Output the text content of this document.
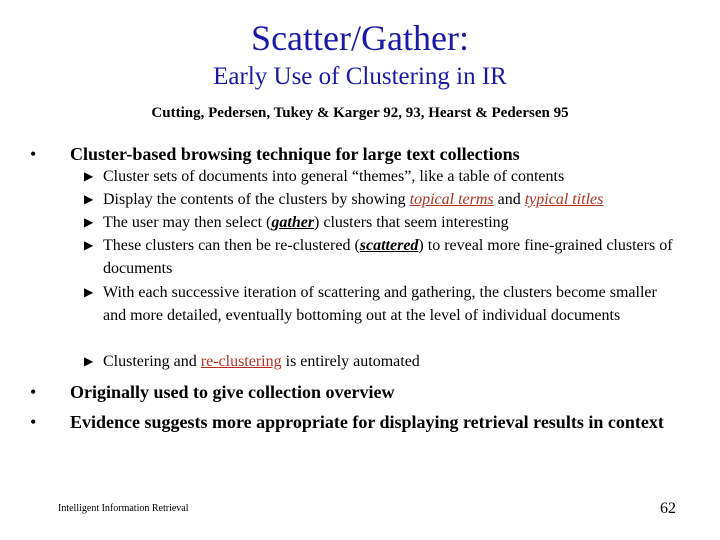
Scatter/Gather:
Early Use of Clustering in IR
Cutting, Pedersen, Tukey & Karger 92, 93, Hearst & Pedersen 95
• Cluster-based browsing technique for large text collections
▶ Cluster sets of documents into general “themes”, like a table of contents
▶ Display the contents of the clusters by showing topical terms and typical titles
▶ The user may then select (gather) clusters that seem interesting
▶ These clusters can then be re-clustered (scattered) to reveal more fine-grained clusters of documents
▶ With each successive iteration of scattering and gathering, the clusters become smaller and more detailed, eventually bottoming out at the level of individual documents
▶ Clustering and re-clustering is entirely automated
• Originally used to give collection overview
• Evidence suggests more appropriate for displaying retrieval results in context
Intelligent Information Retrieval	62
